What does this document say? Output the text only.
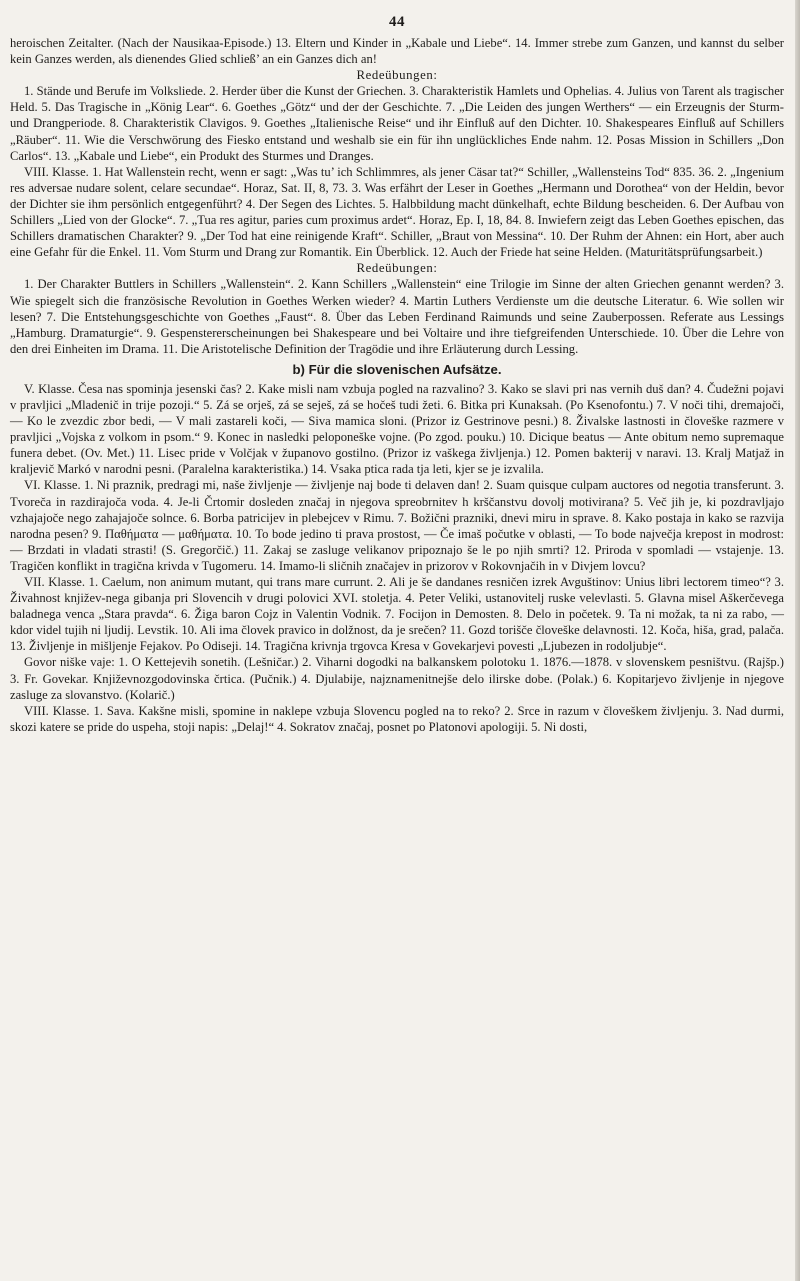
44

heroischen Zeitalter. (Nach der Nausikaa-Episode.) 13. Eltern und Kinder in „Kabale und Liebe“. 14. Immer strebe zum Ganzen, und kannst du selber kein Ganzes werden, als dienendes Glied schließ’ an ein Ganzes dich an!

Redeübungen:

1. Stände und Berufe im Volksliede. 2. Herder über die Kunst der Griechen. 3. Charakteristik Hamlets und Ophelias. 4. Julius von Tarent als tragischer Held. 5. Das Tragische in „König Lear“. 6. Goethes „Götz“ und der der Geschichte. 7. „Die Leiden des jungen Werthers“ — ein Erzeugnis der Sturm- und Drangperiode. 8. Charakteristik Clavigos. 9. Goethes „Italienische Reise“ und ihr Einfluß auf den Dichter. 10. Shakespeares Einfluß auf Schillers „Räuber“. 11. Wie die Verschwörung des Fiesko entstand und weshalb sie ein für ihn unglückliches Ende nahm. 12. Posas Mission in Schillers „Don Carlos“. 13. „Kabale und Liebe“, ein Produkt des Sturmes und Dranges.

VIII. Klasse. 1. Hat Wallenstein recht, wenn er sagt: „Was tu’ ich Schlimmres, als jener Cäsar tat?“ Schiller, „Wallensteins Tod“ 835. 36. 2. „Ingenium res adversae nudare solent, celare secundae“. Horaz, Sat. II, 8, 73. 3. Was erfährt der Leser in Goethes „Hermann und Dorothea“ von der Heldin, bevor der Dichter sie ihm persönlich entgegenführt? 4. Der Segen des Lichtes. 5. Halbbildung macht dünkelhaft, echte Bildung bescheiden. 6. Der Aufbau von Schillers „Lied von der Glocke“. 7. „Tua res agitur, paries cum proximus ardet“. Horaz, Ep. I, 18, 84. 8. Inwiefern zeigt das Leben Goethes epischen, das Schillers dramatischen Charakter? 9. „Der Tod hat eine reinigende Kraft“. Schiller, „Braut von Messina“. 10. Der Ruhm der Ahnen: ein Hort, aber auch eine Gefahr für die Enkel. 11. Vom Sturm und Drang zur Romantik. Ein Überblick. 12. Auch der Friede hat seine Helden. (Maturitätsprüfungsarbeit.)

Redeübungen:

1. Der Charakter Buttlers in Schillers „Wallenstein“. 2. Kann Schillers „Wallenstein“ eine Trilogie im Sinne der alten Griechen genannt werden? 3. Wie spiegelt sich die französische Revolution in Goethes Werken wieder? 4. Martin Luthers Verdienste um die deutsche Literatur. 6. Wie sollen wir lesen? 7. Die Entstehungsgeschichte von Goethes „Faust“. 8. Über das Leben Ferdinand Raimunds und seine Zauberpossen. Referate aus Lessings „Hamburg. Dramaturgie“. 9. Gespenstererscheinungen bei Shakespeare und bei Voltaire und ihre tiefgreifenden Unterschiede. 10. Über die Lehre von den drei Einheiten im Drama. 11. Die Aristotelische Definition der Tragödie und ihre Erläuterung durch Lessing.

b) Für die slovenischen Aufsätze.

V. Klasse. Česa nas spominja jesenski čas? 2. Kake misli nam vzbuja pogled na razvalino? 3. Kako se slavi pri nas vernih duš dan? 4. Čudežni pojavi v pravljici „Mladenič in trije pozoji.“ 5. Zá se orješ, zá se seješ, zá se hočeš tudi žeti. 6. Bitka pri Kunaksah. (Po Ksenofontu.) 7. V noči tihi, dremajoči, — Ko le zvezdic zbor bedi, — V mali zastareli koči, — Siva mamica sloni. (Prizor iz Gestrinove pesni.) 8. Živalske lastnosti in človeške razmere v pravljici „Vojska z volkom in psom.“ 9. Konec in nasledki peloponeške vojne. (Po zgod. pouku.) 10. Dicique beatus — Ante obitum nemo supremaque funera debet. (Ov. Met.) 11. Lisec pride v Volčjak v županovo gostilno. (Prizor iz vaškega življenja.) 12. Pomen bakterij v naravi. 13. Kralj Matjaž in kraljevič Markó v narodni pesni. (Paralelna karakteristika.) 14. Vsaka ptica rada tja leti, kjer se je izvalila.

VI. Klasse. 1. Ni praznik, predragi mi, naše življenje — življenje naj bode ti delaven dan! 2. Suam quisque culpam auctores od negotia transferunt. 3. Tvoreča in razdirajoča voda. 4. Je-li Črtomir dosleden značaj in njegova spreobrnitev h krščanstvu dovolj motivirana? 5. Več jih je, ki pozdravljajo vzhajajoče nego zahajajoče solnce. 6. Borba patricijev in plebejcev v Rimu. 7. Božični prazniki, dnevi miru in sprave. 8. Kako postaja in kako se razvija narodna pesen? 9. Παθήματα — μαθήματα. 10. To bode jedino ti prava prostost, — Če imaš počutke v oblasti, — To bode največja krepost in modrost: — Brzdati in vladati strasti! (S. Gregorčič.) 11. Zakaj se zasluge velikanov pripoznajo še le po njih smrti? 12. Priroda v spomladi — vstajenje. 13. Tragičen konflikt in tragična krivda v Tugomeru. 14. Imamo-li sličnih značajev in prizorov v Rokovnjačih in v Divjem lovcu?

VII. Klasse. 1. Caelum, non animum mutant, qui trans mare currunt. 2. Ali je še dandanes resničen izrek Avguštinov: Unius libri lectorem timeo“? 3. Živahnost književ-nega gibanja pri Slovencih v drugi polovici XVI. stoletja. 4. Peter Veliki, ustanovitelj ruske velevlasti. 5. Glavna misel Aškerčevega baladnega venca „Stara pravda“. 6. Žiga baron Cojz in Valentin Vodnik. 7. Focijon in Demosten. 8. Delo in početek. 9. Ta ni možak, ta ni za rabo, — kdor videl tujih ni ljudij. Levstik. 10. Ali ima človek pravico in dolžnost, da je srečen? 11. Gozd torišče človeške delavnosti. 12. Koča, hiša, grad, palača. 13. Življenje in mišljenje Fejakov. Po Odiseji. 14. Tragična krivnja trgovca Kresa v Govekarjevi povesti „Ljubezen in rodoljubje“.

Govor niške vaje: 1. O Kettejevih sonetih. (Lešničar.) 2. Viharni dogodki na balkanskem polotoku 1. 1876.—1878. v slovenskem pesništvu. (Rajšp.) 3. Fr. Govekar. Književnozgodovinska črtica. (Pučnik.) 4. Djulabije, najznamenitnejše delo ilirske dobe. (Polak.) 6. Kopitarjevo življenje in njegove zasluge za slovanstvo. (Kolarič.)

VIII. Klasse. 1. Sava. Kakšne misli, spomine in naklepe vzbuja Slovencu pogled na to reko? 2. Srce in razum v človeškem življenju. 3. Nad durmi, skozi katere se pride do uspeha, stoji napis: „Delaj!“ 4. Sokratov značaj, posnet po Platonovi apologiji. 5. Ni dosti,
